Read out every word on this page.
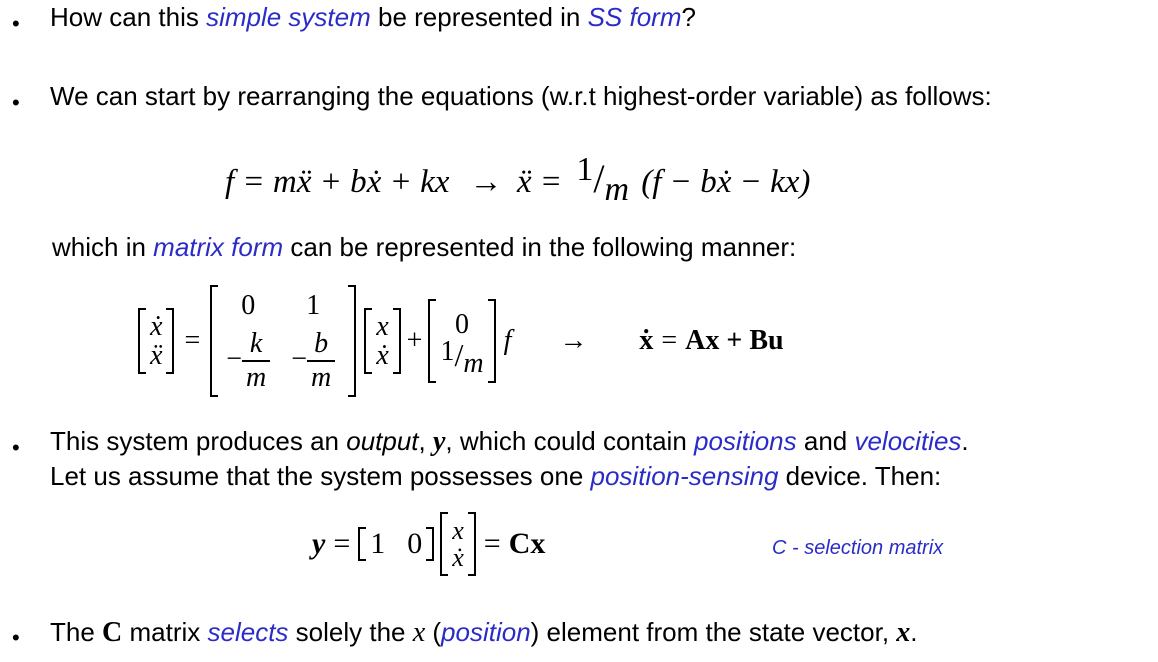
• How can this simple system be represented in SS form?
• We can start by rearranging the equations (w.r.t highest-order variable) as follows:
f = mẍ + bẋ + kx → ẍ = 1/m (f − bẋ − kx)
which in matrix form can be represented in the following manner:
ẋ
ẍ =
0	1
− $\frac{k}{m} - \frac{b}{m}$
x
ẋ +
0
1/m
f → ẋ = Ax + Bu
• This system produces an output, y, which could contain positions and velocities.
Let us assume that the system possesses one position-sensing device. Then:
y = 1 0 x
ẋ = Cx	C - selection matrix
• The C matrix selects solely the x (position) element from the state vector, x.
